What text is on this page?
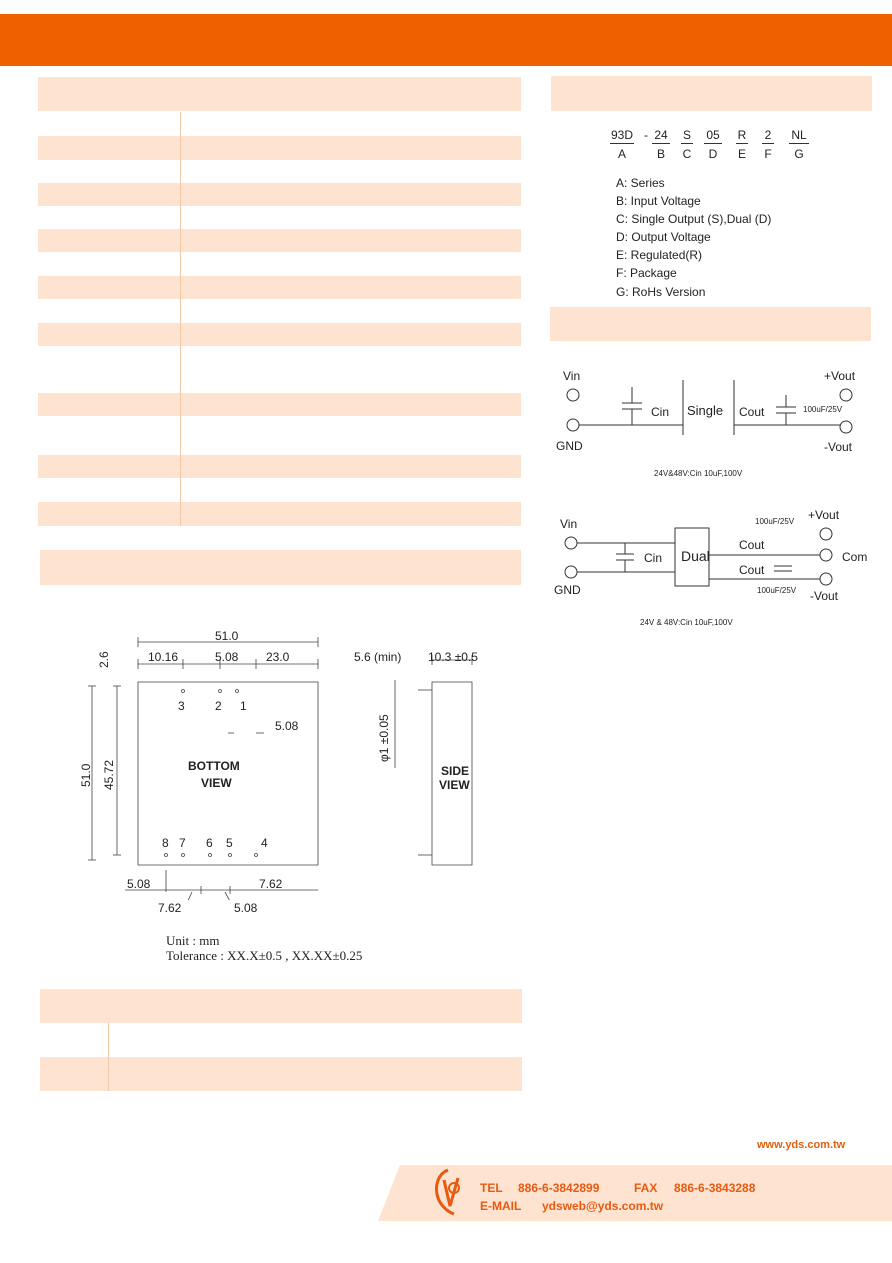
93D - 24 S 05 R 2 NL
A	B	C	D	E F	G
A: Series
B: Input Voltage
C: Single Output (S),Dual (D)
D: Output Voltage
E: Regulated(R)
F: Package
G: RoHs Version
Vin
GND
Cin Single Cout	100uF/25V
+Vout
-Vout
24V&48V:Cin 10uF,100V
Vin
GND
Cin Dual
Cout
Cout
100uF/25V
100uF/25V
+Vout
Com
-Vout
24V & 48V:Cin 10uF,100V
51.0
10.16	5.08 23.0
2.6
51.0 45.72
3	2 1
5.08
BOTTOM
VIEW
8 7 6 5 4
5.08	7.62
7.62	5.08
5.6 (min) 10.3 ±0.5
φ1 ±0.05
SIDE
VIEW
Unit : mm
Tolerance : XX.X±0.5 , XX.XX±0.25
www.yds.com.tw
TEL 886-6-3842899	FAX 886-6-3843288
E-MAIL ydsweb@yds.com.tw
